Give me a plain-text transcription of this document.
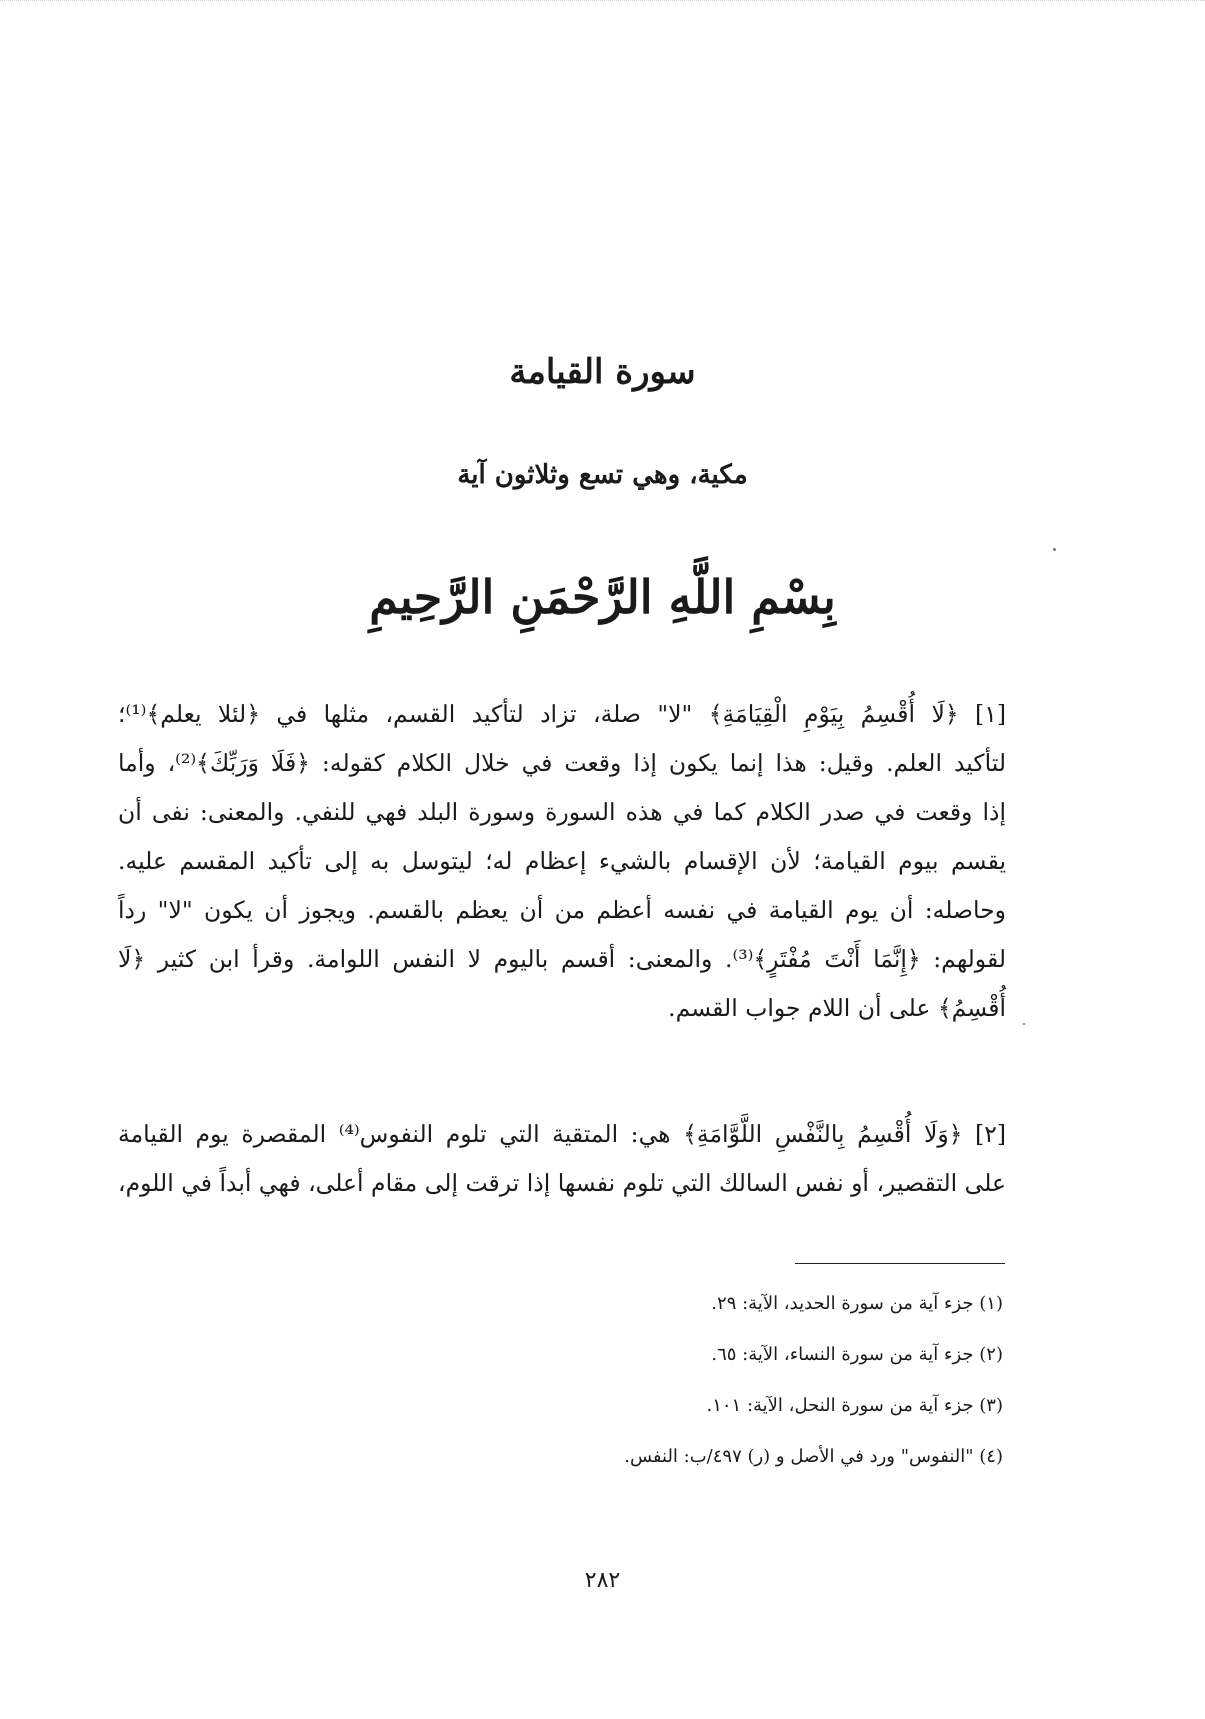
سورة القيامة
مكية، وهي تسع وثلاثون آية
بِسْمِ اللَّهِ الرَّحْمَنِ الرَّحِيمِ
[١] ﴿لَا أُقْسِمُ بِيَوْمِ الْقِيَامَةِ﴾ "لا" صلة، تزاد لتأكيد القسم، مثلها في ﴿لئلا يعلم﴾⁽¹⁾؛
لتأكيد العلم. وقيل: هذا إنما يكون إذا وقعت في خلال الكلام كقوله: ﴿فَلَا وَرَبِّكَ﴾⁽²⁾، وأما
إذا وقعت في صدر الكلام كما في هذه السورة وسورة البلد فهي للنفي. والمعنى: نفى أن
يقسم بيوم القيامة؛ لأن الإقسام بالشيء إعظام له؛ ليتوسل به إلى تأكيد المقسم عليه.
وحاصله: أن يوم القيامة في نفسه أعظم من أن يعظم بالقسم. ويجوز أن يكون "لا" رداً
لقولهم: ﴿إِنَّمَا أَنْتَ مُفْتَرٍ﴾⁽³⁾. والمعنى: أقسم باليوم لا النفس اللوامة. وقرأ ابن كثير ﴿لَا
أُقْسِمُ﴾ على أن اللام جواب القسم.
[٢] ﴿وَلَا أُقْسِمُ بِالنَّفْسِ اللَّوَّامَةِ﴾ هي: المتقية التي تلوم النفوس⁽⁴⁾ المقصرة يوم القيامة
على التقصير، أو نفس السالك التي تلوم نفسها إذا ترقت إلى مقام أعلى، فهي أبداً في اللوم،
(١) جزء آية من سورة الحديد، الآية: ٢٩.
(٢) جزء آية من سورة النساء، الآية: ٦٥.
(٣) جزء آية من سورة النحل، الآية: ١٠١.
(٤) "النفوس" ورد في الأصل و (ر) ٤٩٧/ب: النفس.
٢٨٢
